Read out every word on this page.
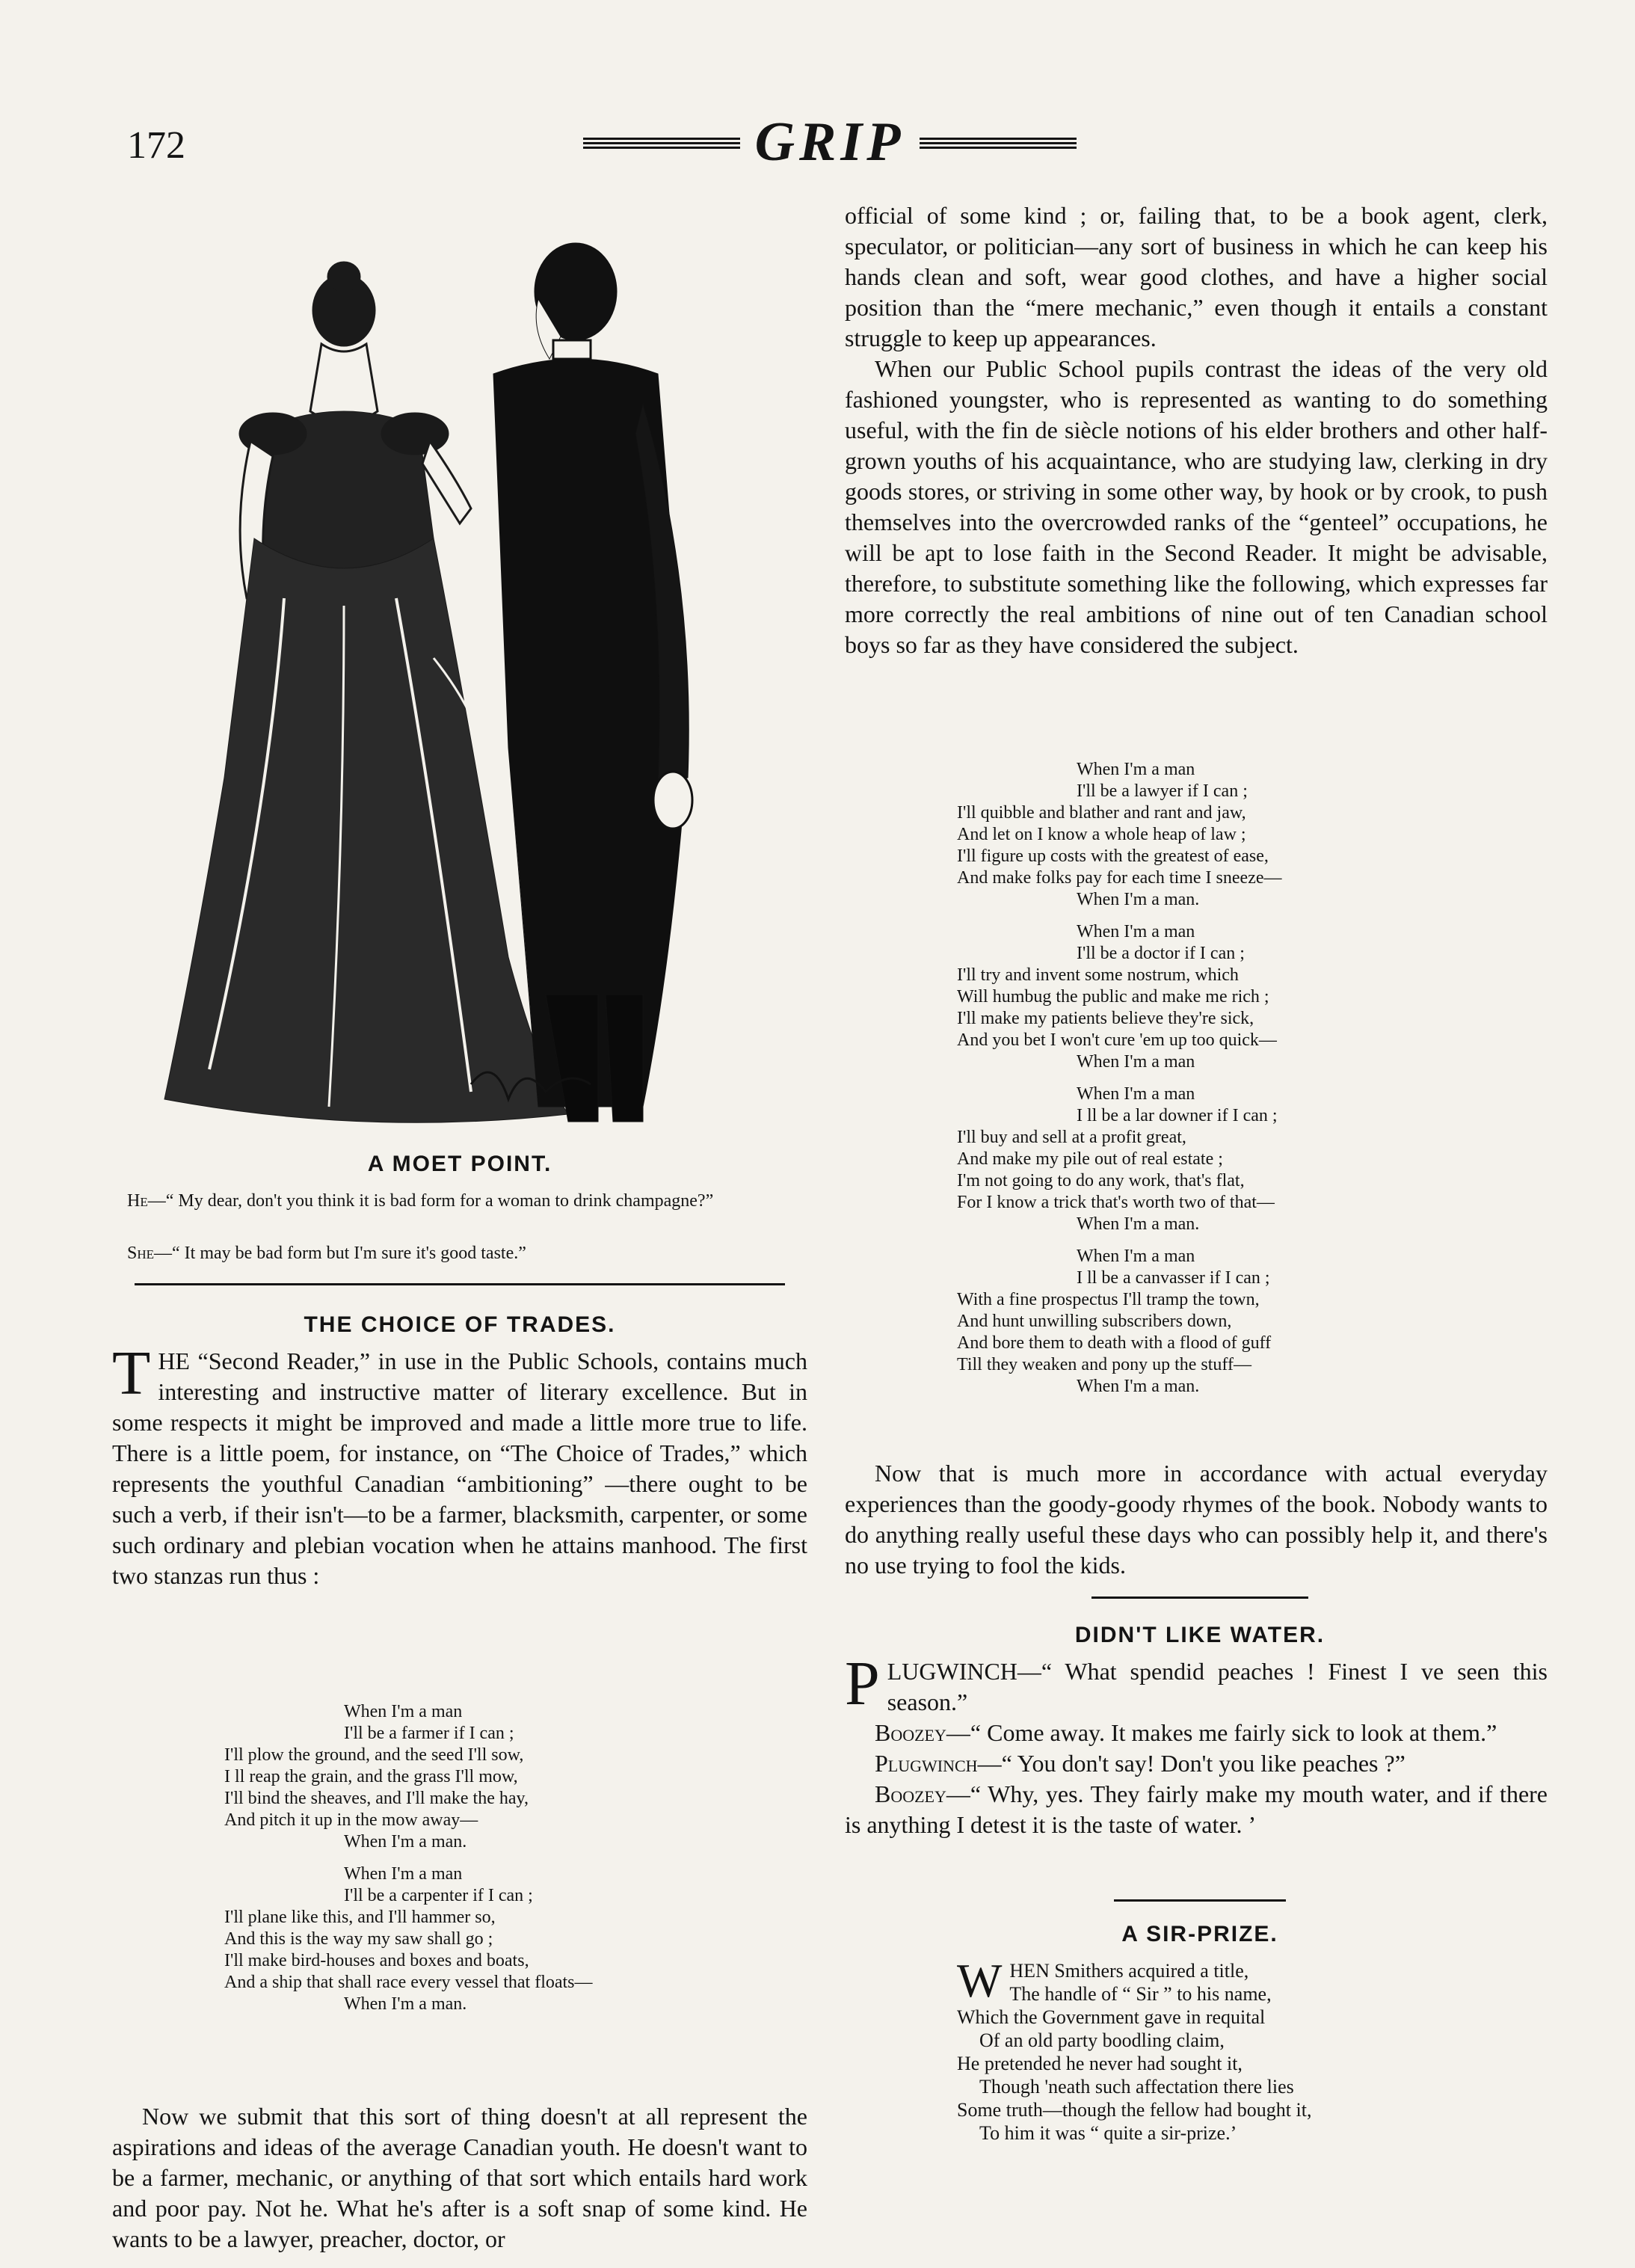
172	GRIP
A MOET POINT.
He—“ My dear, don't you think it is bad form for a woman to drink champagne?”
She—“ It may be bad form but I'm sure it's good taste.”
THE CHOICE OF TRADES.

THE “Second Reader,” in use in the Public Schools, contains much interesting and instructive matter of literary excellence. But in some respects it might be improved and made a little more true to life. There is a little poem, for instance, on “The Choice of Trades,” which represents the youthful Canadian “ambitioning” —there ought to be such a verb, if their isn't—to be a farmer, blacksmith, carpenter, or some such ordinary and plebian vocation when he attains manhood. The first two stanzas run thus :

When I'm a man
I'll be a farmer if I can ;
I'll plow the ground, and the seed I'll sow,
I ll reap the grain, and the grass I'll mow,
I'll bind the sheaves, and I'll make the hay,
And pitch it up in the mow away—
When I'm a man.
When I'm a man
I'll be a carpenter if I can ;
I'll plane like this, and I'll hammer so,
And this is the way my saw shall go ;
I'll make bird-houses and boxes and boats,
And a ship that shall race every vessel that floats—
When I'm a man.

Now we submit that this sort of thing doesn't at all represent the aspirations and ideas of the average Canadian youth. He doesn't want to be a farmer, mechanic, or anything of that sort which entails hard work and poor pay. Not he. What he's after is a soft snap of some kind. He wants to be a lawyer, preacher, doctor, or

official of some kind ; or, failing that, to be a book agent, clerk, speculator, or politician—any sort of business in which he can keep his hands clean and soft, wear good clothes, and have a higher social position than the “mere mechanic,” even though it entails a constant struggle to keep up appearances.

When our Public School pupils contrast the ideas of the very old fashioned youngster, who is represented as wanting to do something useful, with the fin de siècle notions of his elder brothers and other half-grown youths of his acquaintance, who are studying law, clerking in dry goods stores, or striving in some other way, by hook or by crook, to push themselves into the overcrowded ranks of the “genteel” occupations, he will be apt to lose faith in the Second Reader. It might be advisable, therefore, to substitute something like the following, which expresses far more correctly the real ambitions of nine out of ten Canadian school boys so far as they have considered the subject.

When I'm a man
I'll be a lawyer if I can ;
I'll quibble and blather and rant and jaw,
And let on I know a whole heap of law ;
I'll figure up costs with the greatest of ease,
And make folks pay for each time I sneeze—
When I'm a man.
When I'm a man
I'll be a doctor if I can ;
I'll try and invent some nostrum, which
Will humbug the public and make me rich ;
I'll make my patients believe they're sick,
And you bet I won't cure 'em up too quick—
When I'm a man
When I'm a man
I ll be a lar downer if I can ;
I'll buy and sell at a profit great,
And make my pile out of real estate ;
I'm not going to do any work, that's flat,
For I know a trick that's worth two of that—
When I'm a man.
When I'm a man
I ll be a canvasser if I can ;
With a fine prospectus I'll tramp the town,
And hunt unwilling subscribers down,
And bore them to death with a flood of guff
Till they weaken and pony up the stuff—
When I'm a man.

Now that is much more in accordance with actual everyday experiences than the goody-goody rhymes of the book. Nobody wants to do anything really useful these days who can possibly help it, and there's no use trying to fool the kids.

DIDN'T LIKE WATER.

PLUGWINCH—“ What spendid peaches ! Finest I ve seen this season.”

Boozey—“ Come away. It makes me fairly sick to look at them.”

Plugwinch—“ You don't say! Don't you like peaches ?”

Boozey—“ Why, yes. They fairly make my mouth water, and if there is anything I detest it is the taste of water. ’

A SIR-PRIZE.
WHEN Smithers acquired a title,
The handle of “ Sir ” to his name,
Which the Government gave in requital
Of an old party boodling claim,
He pretended he never had sought it,
Though 'neath such affectation there lies
Some truth—though the fellow had bought it,
To him it was “ quite a sir-prize.’
